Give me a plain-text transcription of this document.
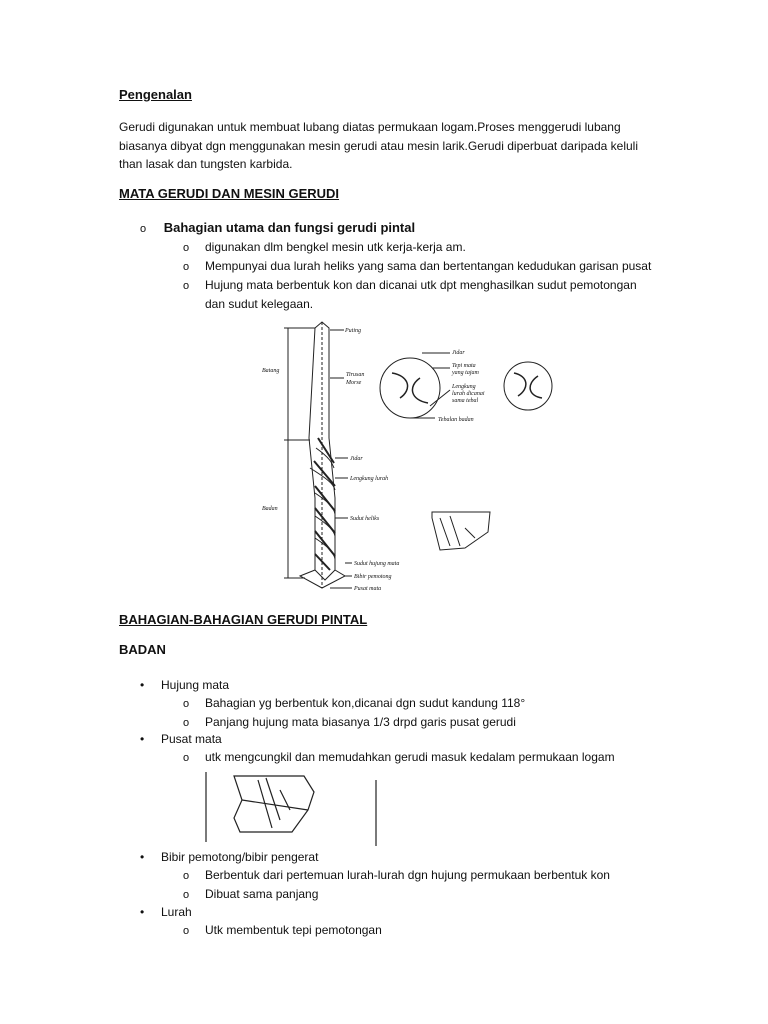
Pengenalan
Gerudi digunakan untuk membuat lubang diatas permukaan logam.Proses menggerudi lubang
biasanya dibyat dgn menggunakan mesin gerudi atau mesin larik.Gerudi diperbuat daripada keluli
than lasak dan tungsten karbida.
MATA GERUDI DAN MESIN GERUDI
o Bahagian utama dan fungsi gerudi pintal
o digunakan dlm bengkel mesin utk kerja-kerja am.
o Mempunyai dua lurah heliks yang sama dan bertentangan kedudukan garisan pusat
o Hujung mata berbentuk kon dan dicanai utk dpt menghasilkan sudut pemotongan
dan sudut kelegaan.
Puting
Batang
Tirusan
Morse
Jidar
Tepi mata
yang tajam
Lengkung
lurah dicanai
sama tebal
Tebalan badan
Jidar
Lengkung lurah
Badan
Sudut heliks
Sudut hujung mata
Bibir pemotong
Pusat mata
BAHAGIAN-BAHAGIAN GERUDI PINTAL
BADAN
• Hujung mata
o Bahagian yg berbentuk kon,dicanai dgn sudut kandung 118°
o Panjang hujung mata biasanya 1/3 drpd garis pusat gerudi
• Pusat mata
o utk mengcungkil dan memudahkan gerudi masuk kedalam permukaan logam
• Bibir pemotong/bibir pengerat
o Berbentuk dari pertemuan lurah-lurah dgn hujung permukaan berbentuk kon
o Dibuat sama panjang
• Lurah
o Utk membentuk tepi pemotongan
